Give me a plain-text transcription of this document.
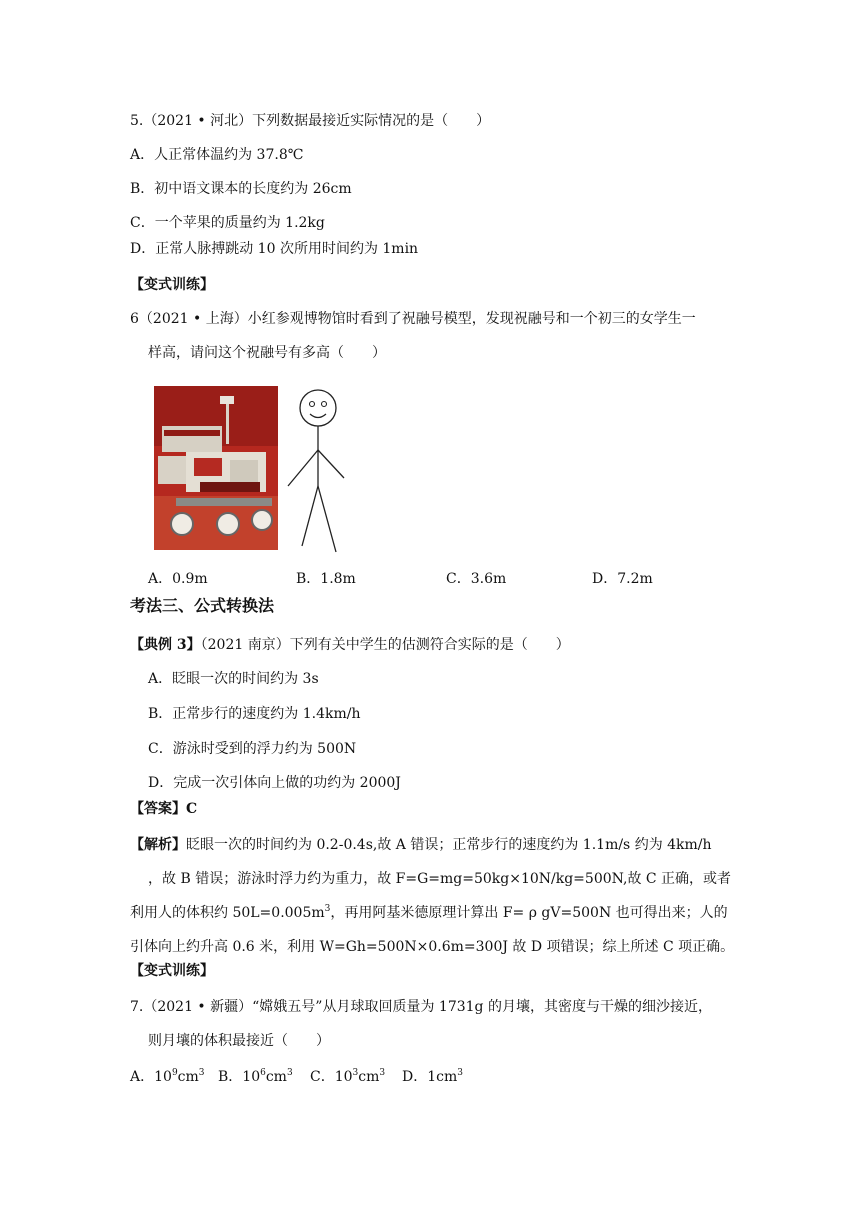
5.（2021 • 河北）下列数据最接近实际情况的是（　　）
A．人正常体温约为 37.8℃
B．初中语文课本的长度约为 26cm
C．一个苹果的质量约为 1.2kg
D．正常人脉搏跳动 10 次所用时间约为 1min
【变式训练】
6（2021 • 上海）小红参观博物馆时看到了祝融号模型，发现祝融号和一个初三的女学生一
样高，请问这个祝融号有多高（　　）
A．0.9m	B．1.8m	C．3.6m	D．7.2m
考法三、公式转换法
【典例 3】（2021 南京）下列有关中学生的估测符合实际的是（　　）
A．眨眼一次的时间约为 3s
B．正常步行的速度约为 1.4km/h
C．游泳时受到的浮力约为 500N
D．完成一次引体向上做的功约为 2000J
【答案】C
【解析】眨眼一次的时间约为 0.2-0.4s,故 A 错误；正常步行的速度约为 1.1m/s 约为 4km/h
，故 B 错误；游泳时浮力约为重力，故 F=G=mg=50kg×10N/kg=500N,故 C 正确，或者
利用人的体积约 $50L=0.005m^3$，再用阿基米德原理计算出 F= ρ gV=500N 也可得出来；人的
引体向上约升高 0.6 米，利用 W=Gh=500N×0.6m=300J 故 D 项错误；综上所述 C 项正确。
【变式训练】
7.（2021 • 新疆）“嫦娥五号”从月球取回质量为 1731g 的月壤，其密度与干燥的细沙接近，
则月壤的体积最接近（　　）
A．$10^9cm^3$ B．$10^6cm^3$ C．$10^3cm^3$ D．$1cm^3$
